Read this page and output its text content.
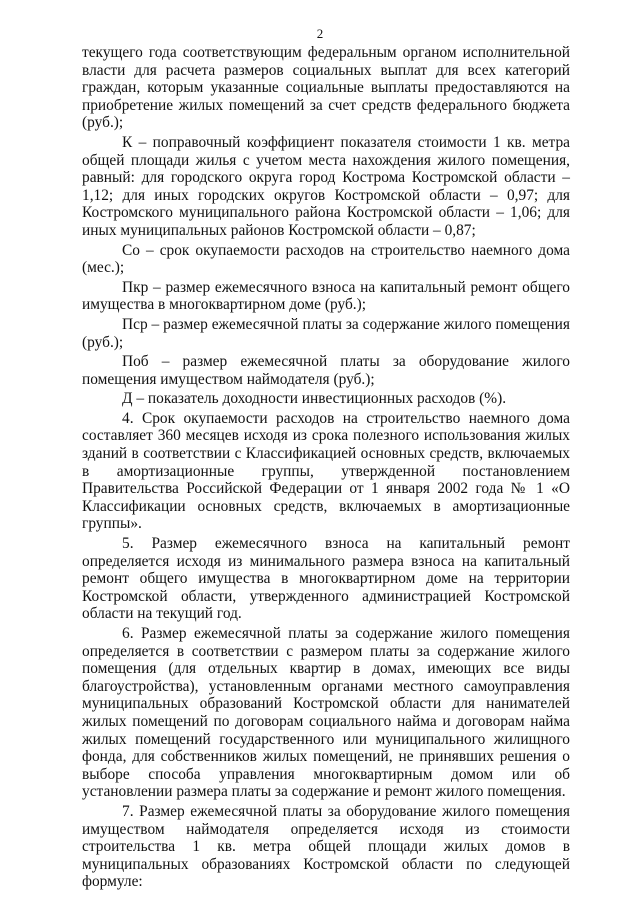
2

текущего года соответствующим федеральным органом исполнительной власти для расчета размеров социальных выплат для всех категорий граждан, которым указанные социальные выплаты предоставляются на приобретение жилых помещений за счет средств федерального бюджета (руб.);

К – поправочный коэффициент показателя стоимости 1 кв. метра общей площади жилья с учетом места нахождения жилого помещения, равный: для городского округа город Кострома Костромской области – 1,12; для иных городских округов Костромской области – 0,97; для Костромского муниципального района Костромской области – 1,06; для иных муниципальных районов Костромской области – 0,87;

Со – срок окупаемости расходов на строительство наемного дома (мес.);

Пкр – размер ежемесячного взноса на капитальный ремонт общего имущества в многоквартирном доме (руб.);

Пср – размер ежемесячной платы за содержание жилого помещения (руб.);

Поб – размер ежемесячной платы за оборудование жилого помещения имуществом наймодателя (руб.);

Д – показатель доходности инвестиционных расходов (%).

4. Срок окупаемости расходов на строительство наемного дома составляет 360 месяцев исходя из срока полезного использования жилых зданий в соответствии с Классификацией основных средств, включаемых в амортизационные группы, утвержденной постановлением Правительства Российской Федерации от 1 января 2002 года № 1 «О Классификации основных средств, включаемых в амортизационные группы».

5. Размер ежемесячного взноса на капитальный ремонт определяется исходя из минимального размера взноса на капитальный ремонт общего имущества в многоквартирном доме на территории Костромской области, утвержденного администрацией Костромской области на текущий год.

6. Размер ежемесячной платы за содержание жилого помещения определяется в соответствии с размером платы за содержание жилого помещения (для отдельных квартир в домах, имеющих все виды благоустройства), установленным органами местного самоуправления муниципальных образований Костромской области для нанимателей жилых помещений по договорам социального найма и договорам найма жилых помещений государственного или муниципального жилищного фонда, для собственников жилых помещений, не принявших решения о выборе способа управления многоквартирным домом или об установлении размера платы за содержание и ремонт жилого помещения.

7. Размер ежемесячной платы за оборудование жилого помещения имуществом наймодателя определяется исходя из стоимости строительства 1 кв. метра общей площади жилых домов в муниципальных образованиях Костромской области по следующей формуле:
